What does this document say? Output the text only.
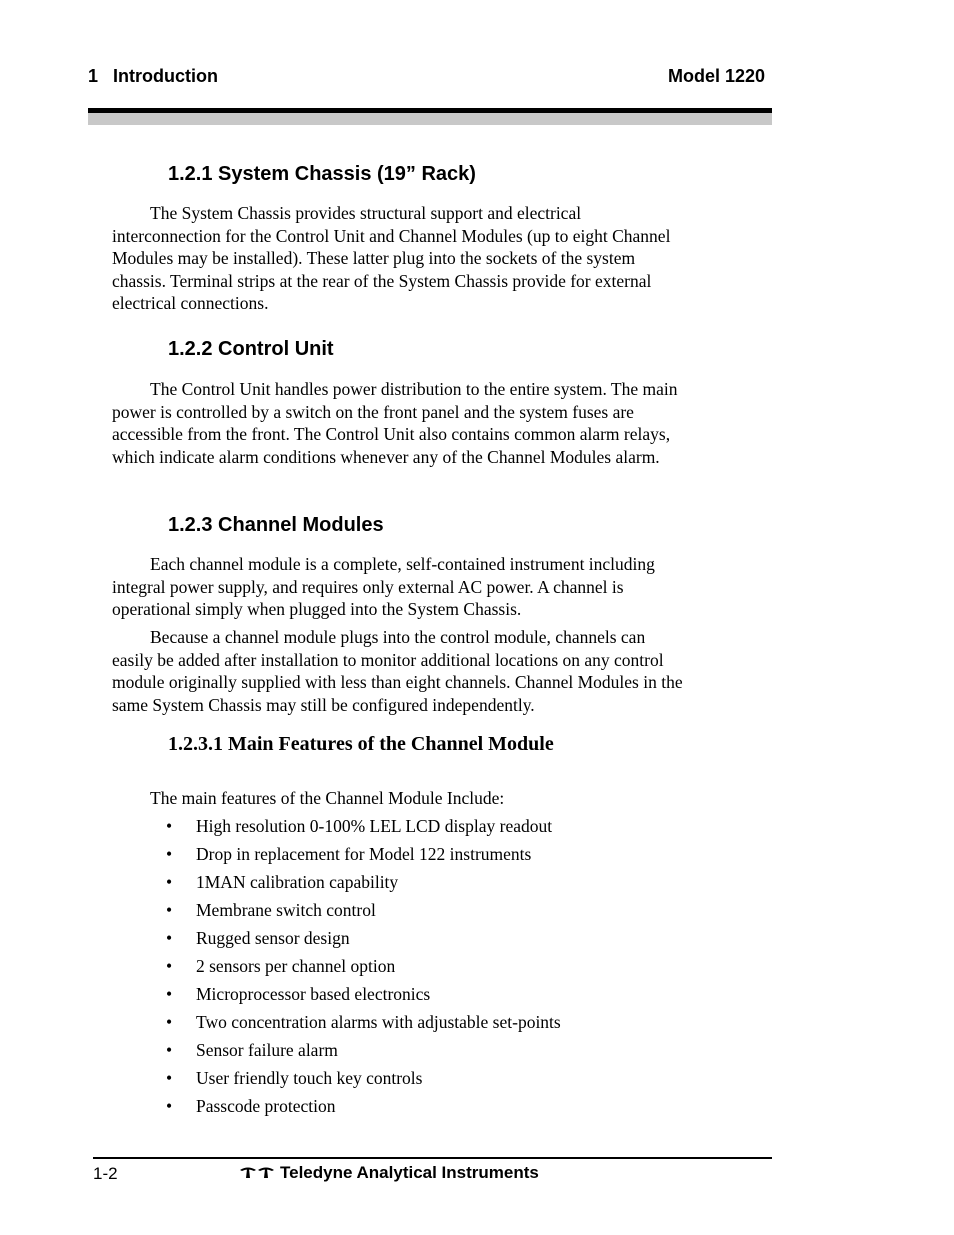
1   Introduction	Model 1220
1.2.1 System Chassis (19” Rack)

The System Chassis provides structural support and electrical interconnection for the Control Unit and Channel Modules (up to eight Channel Modules may be installed). These latter plug into the sockets of the system chassis. Terminal strips at the rear of the System Chassis provide for external electrical connections.

1.2.2 Control Unit

The Control Unit handles power distribution to the entire system. The main power is controlled by a switch on the front panel and the system fuses are accessible from the front. The Control Unit also contains common alarm relays, which indicate alarm conditions whenever any of the Channel Modules alarm.

1.2.3 Channel Modules

Each channel module is a complete, self-contained instrument including integral power supply, and requires only external AC power. A channel is operational simply when plugged into the System Chassis.

Because a channel module plugs into the control module, channels can easily be added after installation to monitor additional locations on any control module originally supplied with less than eight channels. Channel Modules in the same System Chassis may still be configured independently.

1.2.3.1 Main Features of the Channel Module
The main features of the Channel Module Include:
•	High resolution 0-100% LEL LCD display readout
•	Drop in replacement for Model 122 instruments
•	1MAN calibration capability
•	Membrane switch control
•	Rugged sensor design
•	2 sensors per channel option
•	Microprocessor based electronics
•	Two concentration alarms with adjustable set-points
•	Sensor failure alarm
•	User friendly touch key controls
•	Passcode protection
1-2	Teledyne Analytical Instruments
